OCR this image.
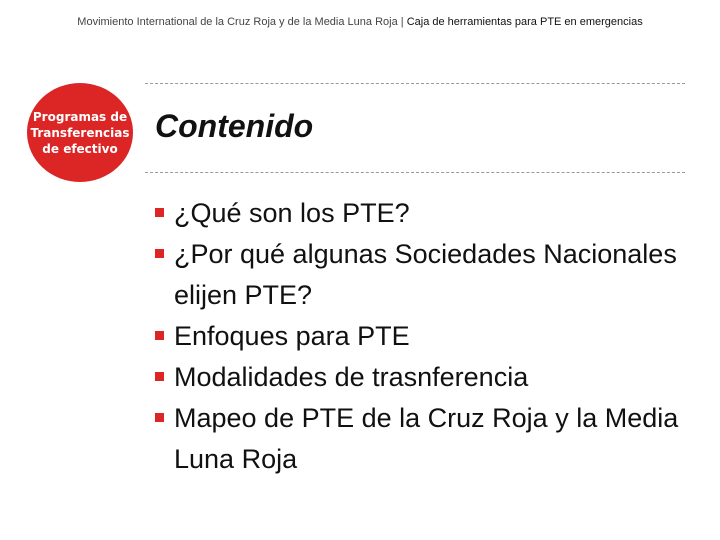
Movimiento International de la Cruz Roja y de la Media Luna Roja | Caja de herramientas para PTE en emergencias
Programas de
Transferencias
de efectivo
Contenido
¿Qué son los PTE?
¿Por qué algunas Sociedades Nacionales elijen PTE?
Enfoques para PTE
Modalidades de trasnferencia
Mapeo de PTE de la Cruz Roja y la Media Luna Roja
